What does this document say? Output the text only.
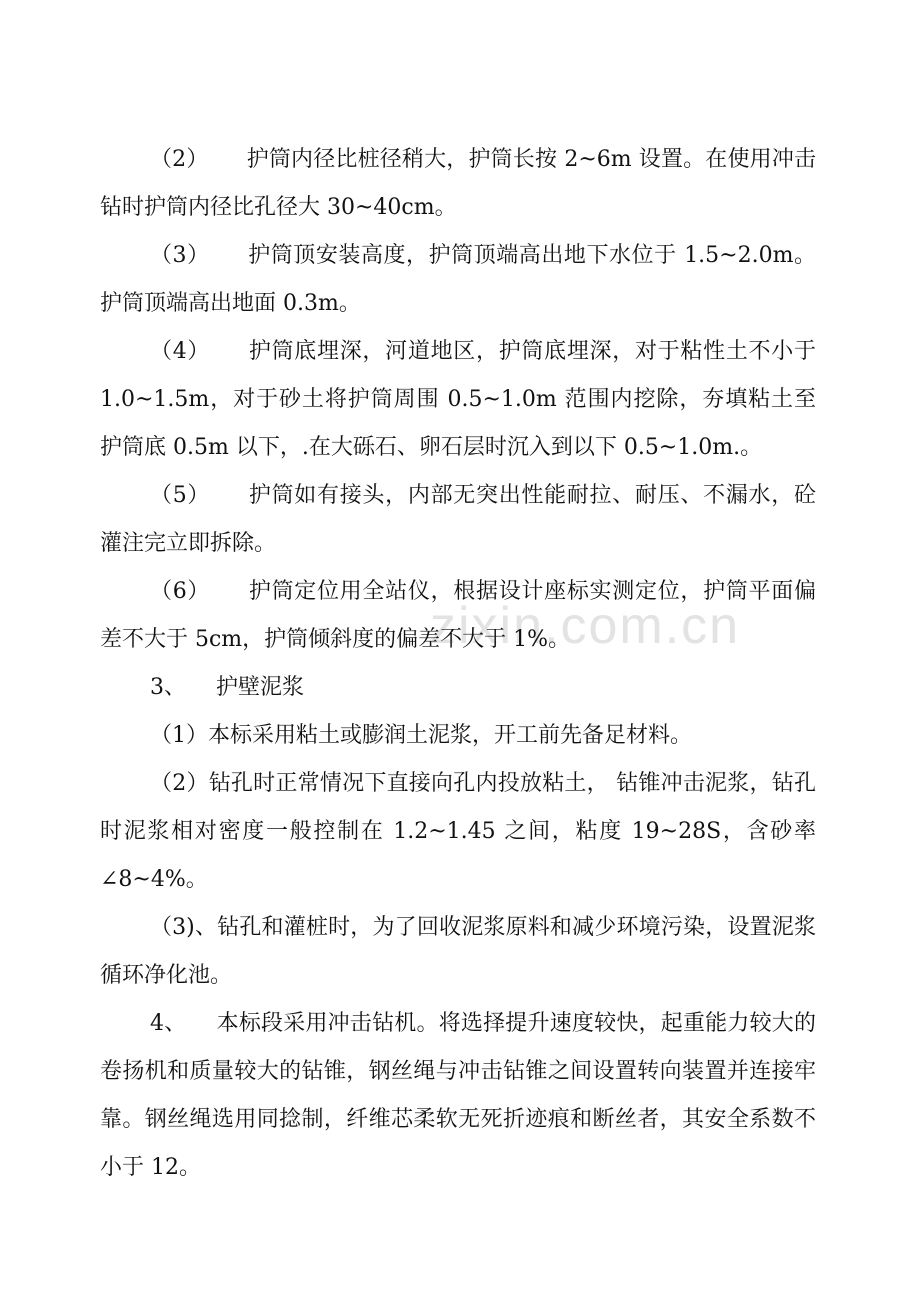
zixin.com.cn

（2） 护筒内径比桩径稍大，护筒长按 2~6m 设置。在使用冲击钻时护筒内径比孔径大 30~40cm。

（3） 护筒顶安装高度，护筒顶端高出地下水位于 1.5~2.0m。护筒顶端高出地面 0.3m。

（4） 护筒底埋深，河道地区，护筒底埋深，对于粘性土不小于 1.0~1.5m，对于砂土将护筒周围 0.5~1.0m 范围内挖除，夯填粘土至护筒底 0.5m 以下，.在大砾石、卵石层时沉入到以下 0.5~1.0m.。

（5） 护筒如有接头，内部无突出性能耐拉、耐压、不漏水，砼灌注完立即拆除。

（6） 护筒定位用全站仪，根据设计座标实测定位，护筒平面偏差不大于 5cm，护筒倾斜度的偏差不大于 1%。

3、 护壁泥浆

（1）本标采用粘土或膨润土泥浆，开工前先备足材料。

（2）钻孔时正常情况下直接向孔内投放粘土， 钻锥冲击泥浆，钻孔时泥浆相对密度一般控制在 1.2~1.45 之间，粘度 19~28S，含砂率∠8~4%。

（3)、钻孔和灌桩时，为了回收泥浆原料和减少环境污染，设置泥浆循环净化池。

4、 本标段采用冲击钻机。将选择提升速度较快，起重能力较大的卷扬机和质量较大的钻锥，钢丝绳与冲击钻锥之间设置转向装置并连接牢靠。钢丝绳选用同捻制，纤维芯柔软无死折迹痕和断丝者，其安全系数不小于 12。
